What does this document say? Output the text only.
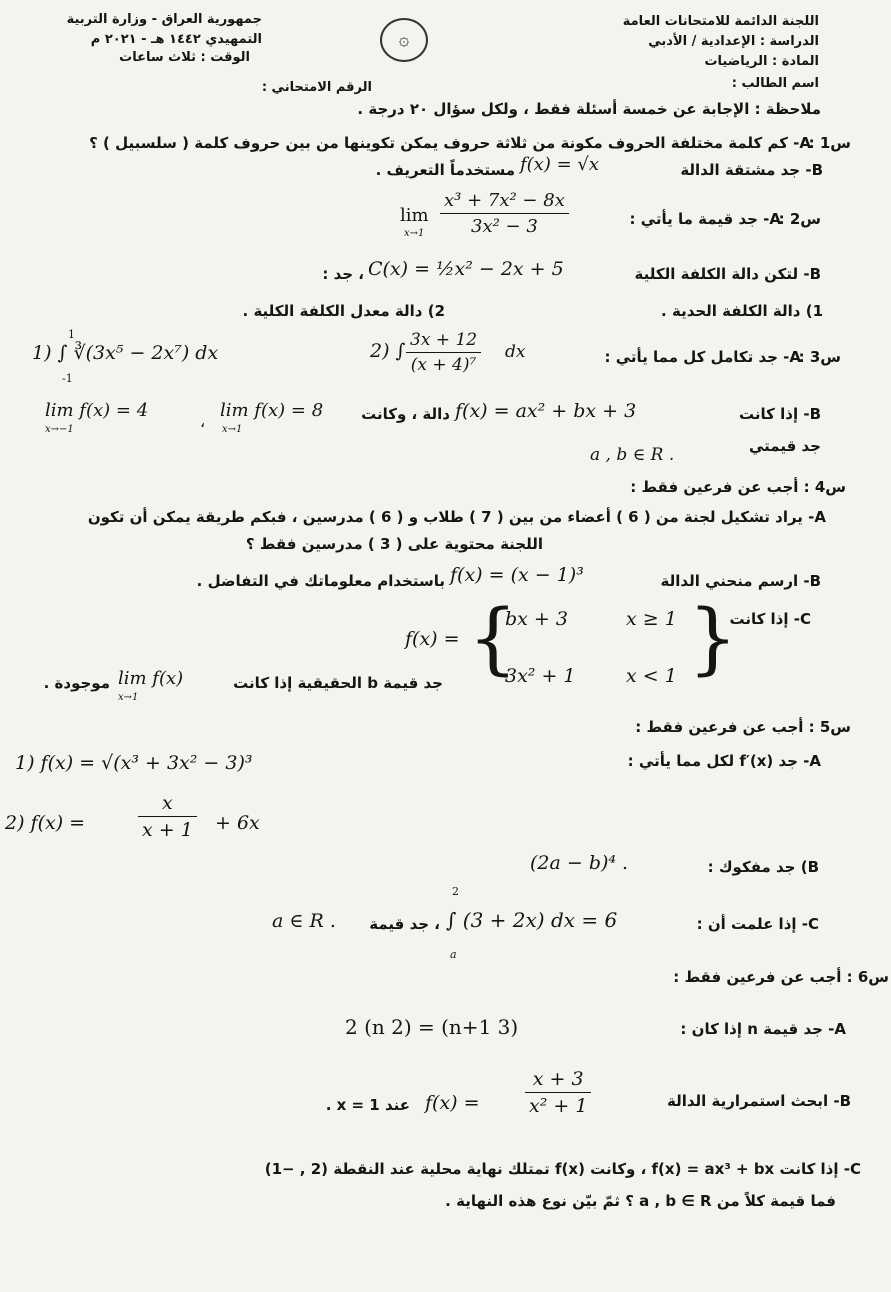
۞
اللجنة الدائمة للامتحانات العامة
الدراسة : الإعدادية / الأدبي
المادة : الرياضيات
اسم الطالب :
جمهورية العراق - وزارة التربية
التمهيدي ١٤٤٢ هـ - ٢٠٢١ م
الوقت : ثلاث ساعات
الرقم الامتحاني :
ملاحظة : الإجابة عن خمسة أسئلة فقط ، ولكل سؤال ٢٠ درجة .
س1 :
A- كم كلمة مختلفة الحروف مكونة من ثلاثة حروف يمكن تكوينها من بين حروف كلمة ( سلسبيل ) ؟
B- جد مشتقة الدالة
f(x) = √x
مستخدماً التعريف .
س2 :
A- جد قيمة ما يأتي :
lim
$x\to 1 \frac{\text{x³ + 7x² − 8x}}{\text{3x² − 3}}$
B- لتكن دالة الكلفة الكلية
C(x) = ½x² − 2x + 5
، جد :
1) دالة الكلفة الحدية .
2) دالة معدل الكلفة الكلية .
س3 :
A- جد تكامل كل مما يأتي :
1
-1
1) ∫ ∛(3x⁵ − 2x⁷) dx	2) ∫ $\frac{3x + 12}{\text{(x + 4)⁷}}$ dx
B- إذا كانت
f(x) = ax² + bx + 3
دالة ، وكانت
lim f(x) = 8
x→1
lim f(x) = 4
x→−1	،
جد قيمتي
a , b ∈ R .
س4 : أجب عن فرعين فقط :
A- يراد تشكيل لجنة من ( 6 ) أعضاء من بين ( 7 ) طلاب و ( 6 ) مدرسين ، فبكم طريقة يمكن أن تكون
اللجنة محتوية على ( 3 ) مدرسين فقط ؟
B- ارسم منحني الدالة
f(x) = (x − 1)³
باستخدام معلوماتك في التفاضل .
C- إذا كانت
f(x) = {
bx + 3	x ≥ 1
3x² + 1	x < 1 }
جد قيمة b الحقيقية إذا كانت
lim f(x)
x→1
موجودة .
س5 : أجب عن فرعين فقط :
A- جد f′(x) لكل مما يأتي :
1) f(x) = √(x³ + 3x² − 3)³
2) f(x) =	$\frac{x}{x + 1} + 6x$
B) جد مفكوك :
(2a − b)⁴ .
C- إذا علمت أن :
2
a
∫ (3 + 2x) dx = 6
، جد قيمة
a ∈ R .
س6 : أجب عن فرعين فقط :
A- جد قيمة n إذا كان :
2 (n 2) = (n+1 3)
B- ابحث استمرارية الدالة
$f(x) = \frac{x + 3}{\text{x² + 1}}$
عند x = 1 .
C- إذا كانت f(x) = ax³ + bx ، وكانت f(x) تمتلك نهاية محلية عند النقطة (2 , −1)
فما قيمة كلاً من a , b ∈ R ؟ ثمّ بيّن نوع هذه النهاية .
